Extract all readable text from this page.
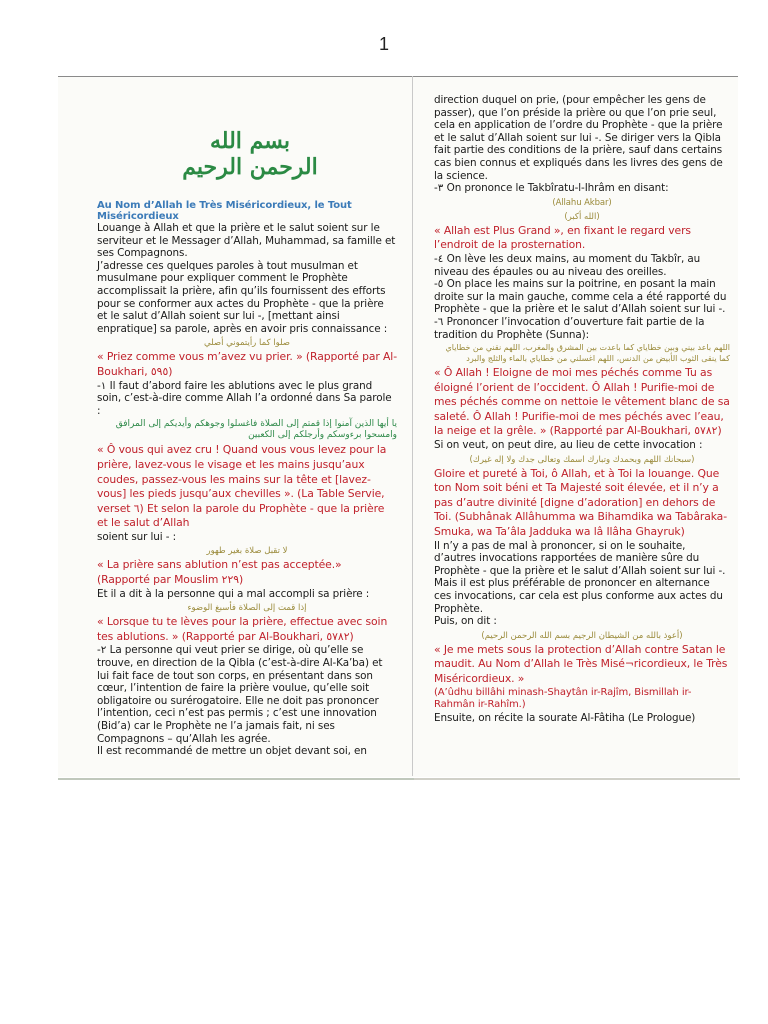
1
بسم الله الرحمن الرحيم

Au Nom d’Allah le Très Miséricordieux, le Tout Miséricordieux

Louange à Allah et que la prière et le salut soient sur le serviteur et le Messager d’Allah, Muhammad, sa famille et ses Compagnons.

J’adresse ces quelques paroles à tout musulman et musulmane pour expliquer comment le Prophète accomplissait la prière, afin qu’ils fournissent des efforts pour se conformer aux actes du Prophète - que la prière et le salut d’Allah soient sur lui -, [mettant ainsi enpratique] sa parole, après en avoir pris connaissance :

صلوا كما رأيتموني أصلي

« Priez comme vous m’avez vu prier. » (Rapporté par Al-Boukhari, ٥٩٥)

-١ Il faut d’abord faire les ablutions avec le plus grand soin, c’est-à-dire comme Allah l’a ordonné dans Sa parole :

يا أيها الذين آمنوا إذا قمتم إلى الصلاة فاغسلوا وجوهكم وأيديكم إلى المرافق وامسحوا برءوسكم وأرجلكم إلى الكعبين

« Ô vous qui avez cru ! Quand vous vous levez pour la prière, lavez-vous le visage et les mains jusqu’aux coudes, passez-vous les mains sur la tête et [lavez-vous] les pieds jusqu’aux chevilles ». (La Table Servie, verset ٦) Et selon la parole du Prophète - que la prière et le salut d’Allah

soient sur lui - :

لا تقبل صلاة بغير طهور

« La prière sans ablution n’est pas acceptée.» (Rapporté par Mouslim ٢٢٩)

Et il a dit à la personne qui a mal accompli sa prière :

إذا قمت إلى الصلاة فأسبغ الوضوء

« Lorsque tu te lèves pour la prière, effectue avec soin tes ablutions. » (Rapporté par Al-Boukhari, ٥٧٨٢)

-٢ La personne qui veut prier se dirige, où qu’elle se trouve, en direction de la Qibla (c’est-à-dire Al-Ka’ba) et lui fait face de tout son corps, en présentant dans son cœur, l’intention de faire la prière voulue, qu’elle soit obligatoire ou surérogatoire. Elle ne doit pas prononcer l’intention, ceci n’est pas permis ; c’est une innovation (Bid’a) car le Prophète ne l’a jamais fait, ni ses Compagnons – qu’Allah les agrée.

Il est recommandé de mettre un objet devant soi, en

direction duquel on prie, (pour empêcher les gens de passer), que l’on préside la prière ou que l’on prie seul, cela en application de l’ordre du Prophète - que la prière et le salut d’Allah soient sur lui -. Se diriger vers la Qibla fait partie des conditions de la prière, sauf dans certains cas bien connus et expliqués dans les livres des gens de la science.

-٣ On prononce le Takbîratu-l-Ihrâm en disant:

(Allahu Akbar)

(الله أكبر)

« Allah est Plus Grand », en fixant le regard vers l’endroit de la prosternation.

-٤ On lève les deux mains, au moment du Takbîr, au niveau des épaules ou au niveau des oreilles.

-٥ On place les mains sur la poitrine, en posant la main droite sur la main gauche, comme cela a été rapporté du Prophète - que la prière et le salut d’Allah soient sur lui -.

-٦ Prononcer l’invocation d’ouverture fait partie de la tradition du Prophète (Sunna):

اللهم باعد بيني وبين خطاياي كما باعدت بين المشرق والمغرب، اللهم نقني من خطاياي كما ينقى الثوب الأبيض من الدنس، اللهم اغسلني من خطاياي بالماء والثلج والبرد

« Ô Allah ! Eloigne de moi mes péchés comme Tu as éloigné l’orient de l’occident. Ô Allah ! Purifie-moi de mes péchés comme on nettoie le vêtement blanc de sa saleté. Ô Allah ! Purifie-moi de mes péchés avec l’eau, la neige et la grêle. » (Rapporté par Al-Boukhari, ٥٧٨٢)

Si on veut, on peut dire, au lieu de cette invocation :

(سبحانك اللهم وبحمدك وتبارك اسمك وتعالى جدك ولا إله غيرك)

Gloire et pureté à Toi, ô Allah, et à Toi la louange. Que ton Nom soit béni et Ta Majesté soit élevée, et il n’y a pas d’autre divinité [digne d’adoration] en dehors de Toi. (Subhânak Allâhumma wa Bihamdika wa Tabâraka-Smuka, wa Ta’âla Jadduka wa lâ Ilâha Ghayruk)

Il n’y a pas de mal à prononcer, si on le souhaite, d’autres invocations rapportées de manière sûre du Prophète - que la prière et le salut d’Allah soient sur lui -. Mais il est plus préférable de prononcer en alternance ces invocations, car cela est plus conforme aux actes du Prophète.

Puis, on dit :

(أعوذ بالله من الشيطان الرجيم بسم الله الرحمن الرحيم)

« Je me mets sous la protection d’Allah contre Satan le maudit. Au Nom d’Allah le Très Misé¬ricordieux, le Très Miséricordieux. »

(A’ûdhu billâhi minash-Shaytân ir-Rajîm, Bismillah ir-Rahmân ir-Rahîm.)

Ensuite, on récite la sourate Al-Fâtiha (Le Prologue)
